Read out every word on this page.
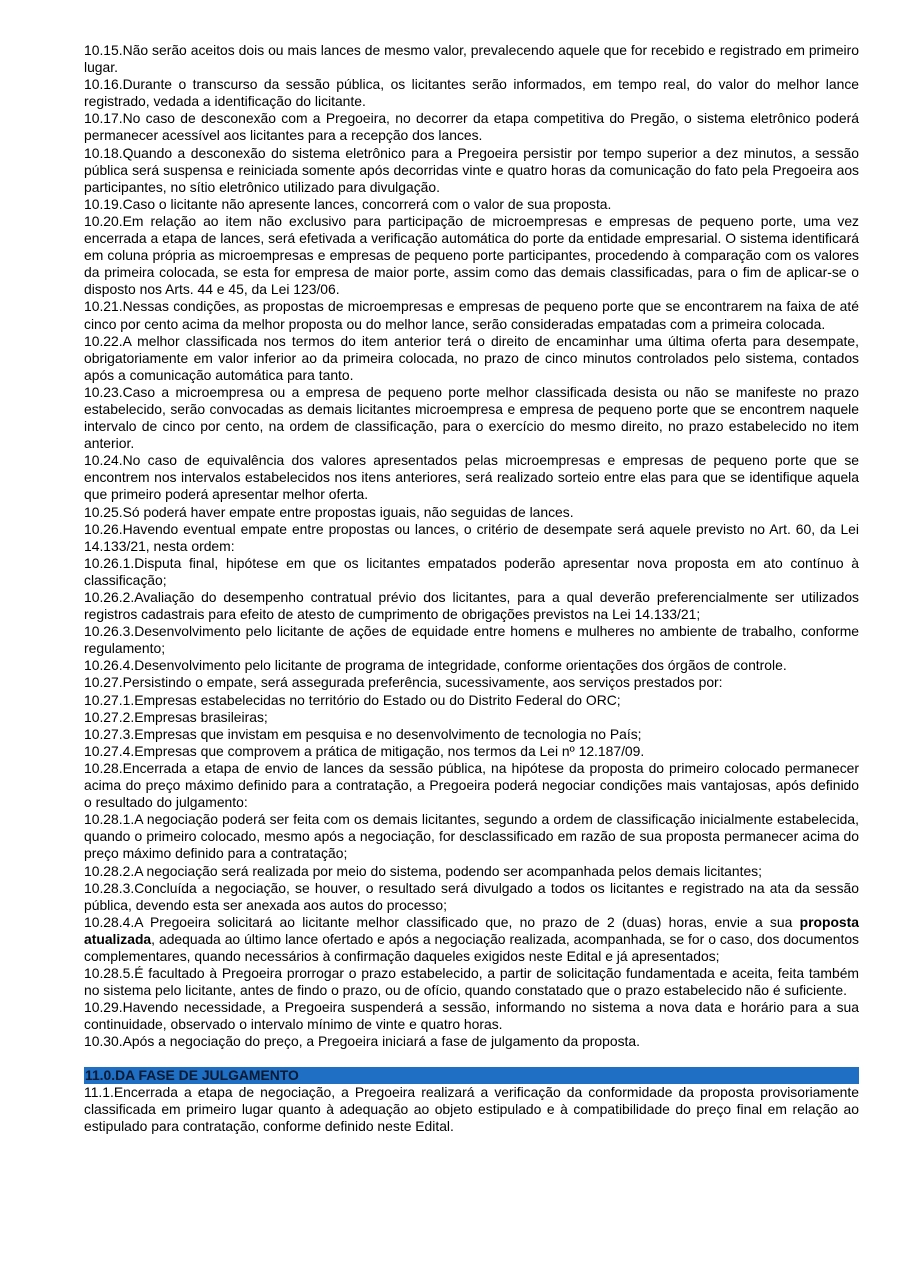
10.15.Não serão aceitos dois ou mais lances de mesmo valor, prevalecendo aquele que for recebido e registrado em primeiro lugar.

10.16.Durante o transcurso da sessão pública, os licitantes serão informados, em tempo real, do valor do melhor lance registrado, vedada a identificação do licitante.

10.17.No caso de desconexão com a Pregoeira, no decorrer da etapa competitiva do Pregão, o sistema eletrônico poderá permanecer acessível aos licitantes para a recepção dos lances.

10.18.Quando a desconexão do sistema eletrônico para a Pregoeira persistir por tempo superior a dez minutos, a sessão pública será suspensa e reiniciada somente após decorridas vinte e quatro horas da comunicação do fato pela Pregoeira aos participantes, no sítio eletrônico utilizado para divulgação.

10.19.Caso o licitante não apresente lances, concorrerá com o valor de sua proposta.

10.20.Em relação ao item não exclusivo para participação de microempresas e empresas de pequeno porte, uma vez encerrada a etapa de lances, será efetivada a verificação automática do porte da entidade empresarial. O sistema identificará em coluna própria as microempresas e empresas de pequeno porte participantes, procedendo à comparação com os valores da primeira colocada, se esta for empresa de maior porte, assim como das demais classificadas, para o fim de aplicar-se o disposto nos Arts. 44 e 45, da Lei 123/06.

10.21.Nessas condições, as propostas de microempresas e empresas de pequeno porte que se encontrarem na faixa de até cinco por cento acima da melhor proposta ou do melhor lance, serão consideradas empatadas com a primeira colocada.

10.22.A melhor classificada nos termos do item anterior terá o direito de encaminhar uma última oferta para desempate, obrigatoriamente em valor inferior ao da primeira colocada, no prazo de cinco minutos controlados pelo sistema, contados após a comunicação automática para tanto.

10.23.Caso a microempresa ou a empresa de pequeno porte melhor classificada desista ou não se manifeste no prazo estabelecido, serão convocadas as demais licitantes microempresa e empresa de pequeno porte que se encontrem naquele intervalo de cinco por cento, na ordem de classificação, para o exercício do mesmo direito, no prazo estabelecido no item anterior.

10.24.No caso de equivalência dos valores apresentados pelas microempresas e empresas de pequeno porte que se encontrem nos intervalos estabelecidos nos itens anteriores, será realizado sorteio entre elas para que se identifique aquela que primeiro poderá apresentar melhor oferta.

10.25.Só poderá haver empate entre propostas iguais, não seguidas de lances.

10.26.Havendo eventual empate entre propostas ou lances, o critério de desempate será aquele previsto no Art. 60, da Lei 14.133/21, nesta ordem:

10.26.1.Disputa final, hipótese em que os licitantes empatados poderão apresentar nova proposta em ato contínuo à classificação;

10.26.2.Avaliação do desempenho contratual prévio dos licitantes, para a qual deverão preferencialmente ser utilizados registros cadastrais para efeito de atesto de cumprimento de obrigações previstos na Lei 14.133/21;

10.26.3.Desenvolvimento pelo licitante de ações de equidade entre homens e mulheres no ambiente de trabalho, conforme regulamento;

10.26.4.Desenvolvimento pelo licitante de programa de integridade, conforme orientações dos órgãos de controle.

10.27.Persistindo o empate, será assegurada preferência, sucessivamente, aos serviços prestados por:

10.27.1.Empresas estabelecidas no território do Estado ou do Distrito Federal do ORC;

10.27.2.Empresas brasileiras;

10.27.3.Empresas que invistam em pesquisa e no desenvolvimento de tecnologia no País;

10.27.4.Empresas que comprovem a prática de mitigação, nos termos da Lei nº 12.187/09.

10.28.Encerrada a etapa de envio de lances da sessão pública, na hipótese da proposta do primeiro colocado permanecer acima do preço máximo definido para a contratação, a Pregoeira poderá negociar condições mais vantajosas, após definido o resultado do julgamento:

10.28.1.A negociação poderá ser feita com os demais licitantes, segundo a ordem de classificação inicialmente estabelecida, quando o primeiro colocado, mesmo após a negociação, for desclassificado em razão de sua proposta permanecer acima do preço máximo definido para a contratação;

10.28.2.A negociação será realizada por meio do sistema, podendo ser acompanhada pelos demais licitantes;

10.28.3.Concluída a negociação, se houver, o resultado será divulgado a todos os licitantes e registrado na ata da sessão pública, devendo esta ser anexada aos autos do processo;

10.28.4.A Pregoeira solicitará ao licitante melhor classificado que, no prazo de 2 (duas) horas, envie a sua proposta atualizada, adequada ao último lance ofertado e após a negociação realizada, acompanhada, se for o caso, dos documentos complementares, quando necessários à confirmação daqueles exigidos neste Edital e já apresentados;

10.28.5.É facultado à Pregoeira prorrogar o prazo estabelecido, a partir de solicitação fundamentada e aceita, feita também no sistema pelo licitante, antes de findo o prazo, ou de ofício, quando constatado que o prazo estabelecido não é suficiente.

10.29.Havendo necessidade, a Pregoeira suspenderá a sessão, informando no sistema a nova data e horário para a sua continuidade, observado o intervalo mínimo de vinte e quatro horas.

10.30.Após a negociação do preço, a Pregoeira iniciará a fase de julgamento da proposta.

11.0.DA FASE DE JULGAMENTO

11.1.Encerrada a etapa de negociação, a Pregoeira realizará a verificação da conformidade da proposta provisoriamente classificada em primeiro lugar quanto à adequação ao objeto estipulado e à compatibilidade do preço final em relação ao estipulado para contratação, conforme definido neste Edital.
